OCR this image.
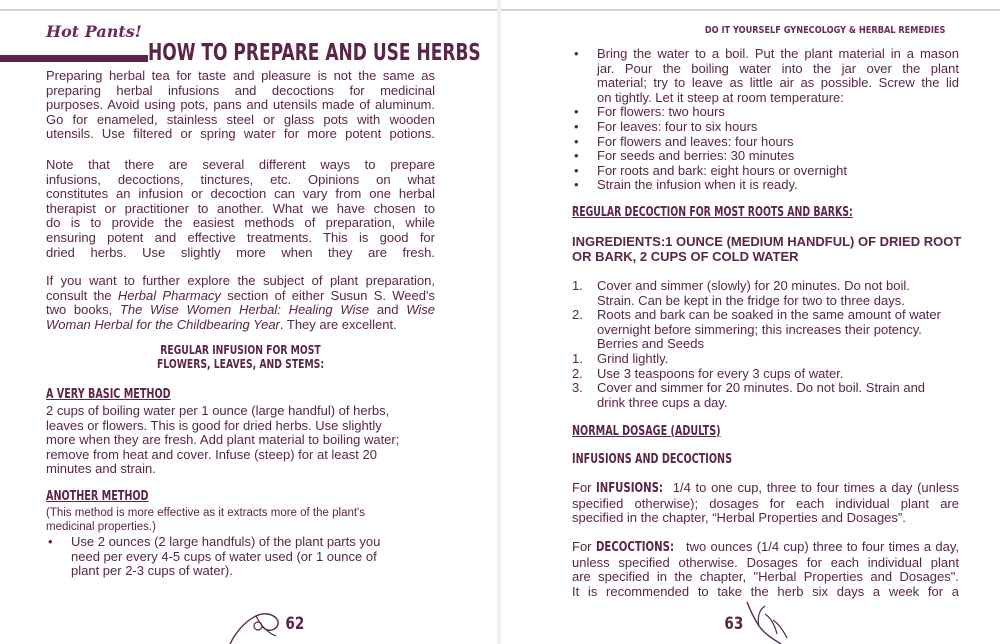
Hot Pants!
HOW TO PREPARE AND USE HERBS
Preparing herbal tea for taste and pleasure is not the same as
preparing herbal infusions and decoctions for medicinal
purposes. Avoid using pots, pans and utensils made of aluminum.
Go for enameled, stainless steel or glass pots with wooden
utensils. Use filtered or spring water for more potent potions.
Note that there are several different ways to prepare
infusions, decoctions, tinctures, etc. Opinions on what
constitutes an infusion or decoction can vary from one herbal
therapist or practitioner to another. What we have chosen to
do is to provide the easiest methods of preparation, while
ensuring potent and effective treatments. This is good for
dried herbs. Use slightly more when they are fresh.
If you want to further explore the subject of plant preparation,
consult the Herbal Pharmacy section of either Susun S. Weed's
two books, The Wise Women Herbal: Healing Wise and Wise
Woman Herbal for the Childbearing Year. They are excellent.
REGULAR INFUSION FOR MOST
FLOWERS, LEAVES, AND STEMS:
A VERY BASIC METHOD
2 cups of boiling water per 1 ounce (large handful) of herbs,
leaves or flowers. This is good for dried herbs. Use slightly
more when they are fresh. Add plant material to boiling water;
remove from heat and cover. Infuse (steep) for at least 20
minutes and strain.
ANOTHER METHOD
(This method is more effective as it extracts more of the plant's
medicinal properties.)
• Use 2 ounces (2 large handfuls) of the plant parts you
need per every 4-5 cups of water used (or 1 ounce of
plant per 2-3 cups of water).
62
DO IT YOURSELF GYNECOLOGY & HERBAL REMEDIES
• Bring the water to a boil. Put the plant material in a mason
jar. Pour the boiling water into the jar over the plant
material; try to leave as little air as possible. Screw the lid
on tightly. Let it steep at room temperature:
• For flowers: two hours
• For leaves: four to six hours
• For flowers and leaves: four hours
• For seeds and berries: 30 minutes
• For roots and bark: eight hours or overnight
• Strain the infusion when it is ready.
REGULAR DECOCTION FOR MOST ROOTS AND BARKS:
INGREDIENTS:1 OUNCE (MEDIUM HANDFUL) OF DRIED ROOT
OR BARK, 2 CUPS OF COLD WATER
1. Cover and simmer (slowly) for 20 minutes. Do not boil.
Strain. Can be kept in the fridge for two to three days.
2. Roots and bark can be soaked in the same amount of water
overnight before simmering; this increases their potency.
Berries and Seeds
1. Grind lightly.
2. Use 3 teaspoons for every 3 cups of water.
3. Cover and simmer for 20 minutes. Do not boil. Strain and
drink three cups a day.
NORMAL DOSAGE (ADULTS)
INFUSIONS AND DECOCTIONS
For INFUSIONS: 1/4 to one cup, three to four times a day (unless
specified otherwise); dosages for each individual plant are
specified in the chapter, “Herbal Properties and Dosages”.
For DECOCTIONS: two ounces (1/4 cup) three to four times a day,
unless specified otherwise. Dosages for each individual plant
are specified in the chapter, "Herbal Properties and Dosages".
It is recommended to take the herb six days a week for a
63
